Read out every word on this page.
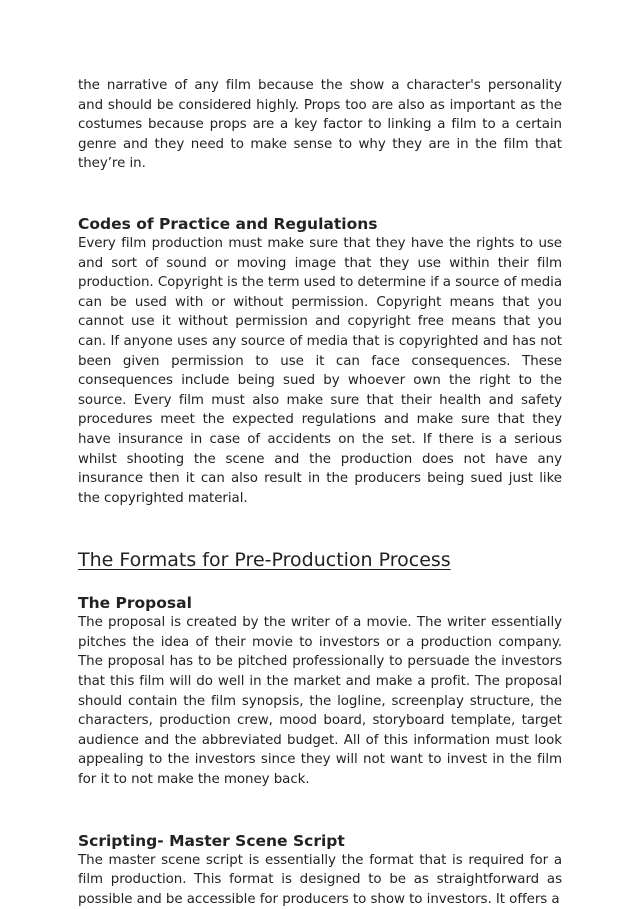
the narrative of any film because the show a character's personality and should be considered highly. Props too are also as important as the costumes because props are a key factor to linking a film to a certain genre and they need to make sense to why they are in the film that they’re in.

Codes of Practice and Regulations

Every film production must make sure that they have the rights to use and sort of sound or moving image that they use within their film production. Copyright is the term used to determine if a source of media can be used with or without permission. Copyright means that you cannot use it without permission and copyright free means that you can. If anyone uses any source of media that is copyrighted and has not been given permission to use it can face consequences. These consequences include being sued by whoever own the right to the source. Every film must also make sure that their health and safety procedures meet the expected regulations and make sure that they have insurance in case of accidents on the set. If there is a serious whilst shooting the scene and the production does not have any insurance then it can also result in the producers being sued just like the copyrighted material.

The Formats for Pre-Production Process
The Proposal

The proposal is created by the writer of a movie. The writer essentially pitches the idea of their movie to investors or a production company. The proposal has to be pitched professionally to persuade the investors that this film will do well in the market and make a profit. The proposal should contain the film synopsis, the logline, screenplay structure, the characters, production crew, mood board, storyboard template, target audience and the abbreviated budget. All of this information must look appealing to the investors since they will not want to invest in the film for it to not make the money back.

Scripting- Master Scene Script

The master scene script is essentially the format that is required for a film production. This format is designed to be as straightforward as possible and be accessible for producers to show to investors. It offers a
